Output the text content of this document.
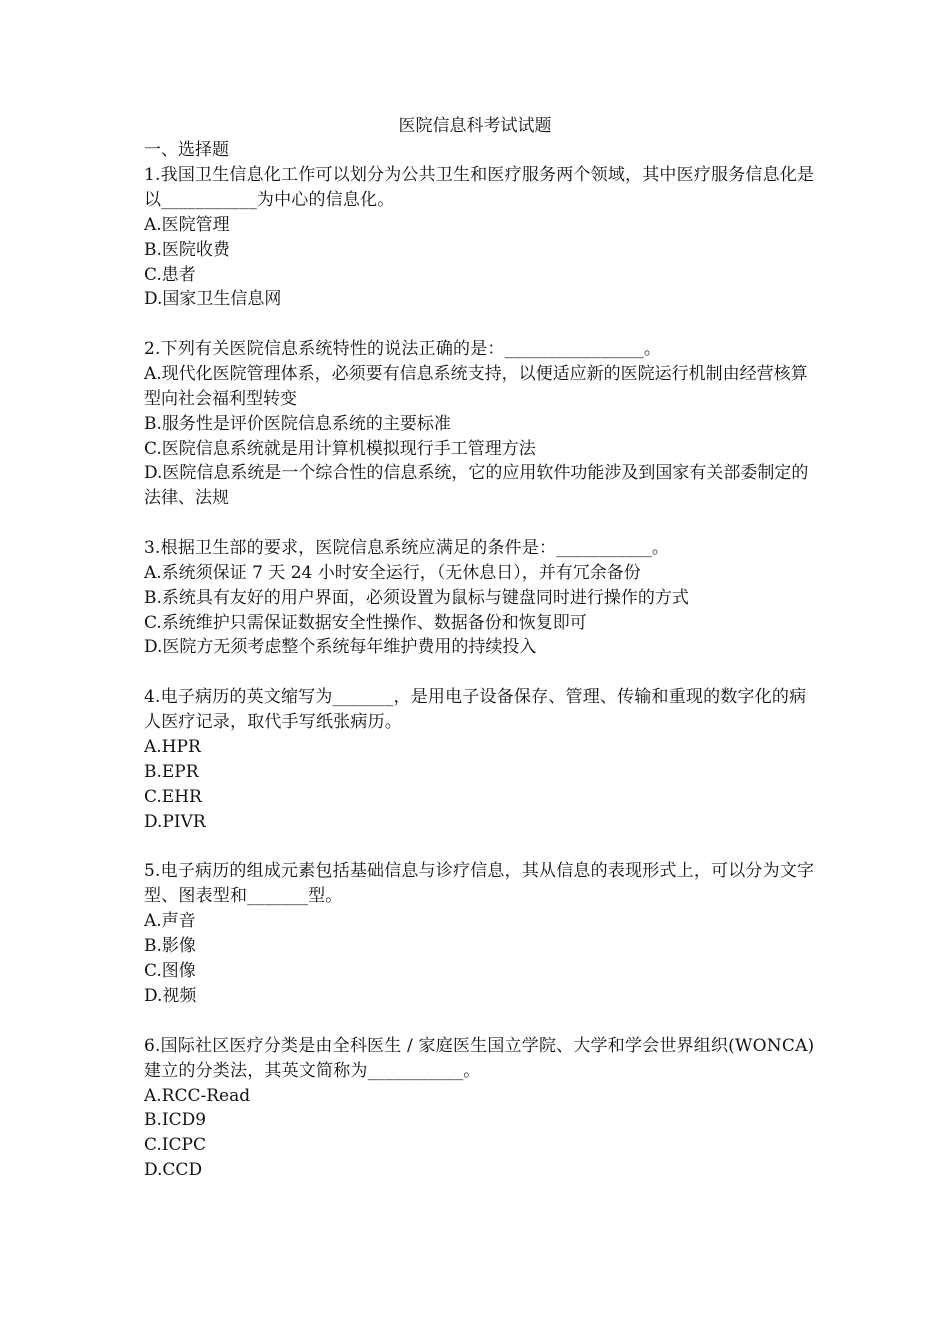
医院信息科考试试题
一、选择题
1.我国卫生信息化工作可以划分为公共卫生和医疗服务两个领域，其中医疗服务信息化是以___________为中心的信息化。
A.医院管理
B.医院收费
C.患者
D.国家卫生信息网
2.下列有关医院信息系统特性的说法正确的是：________________。
A.现代化医院管理体系，必须要有信息系统支持，以便适应新的医院运行机制由经营核算型向社会福利型转变
B.服务性是评价医院信息系统的主要标准
C.医院信息系统就是用计算机模拟现行手工管理方法
D.医院信息系统是一个综合性的信息系统，它的应用软件功能涉及到国家有关部委制定的法律、法规
3.根据卫生部的要求，医院信息系统应满足的条件是：___________。
A.系统须保证 7 天 24 小时安全运行，（无休息日），并有冗余备份
B.系统具有友好的用户界面，必须设置为鼠标与键盘同时进行操作的方式
C.系统维护只需保证数据安全性操作、数据备份和恢复即可
D.医院方无须考虑整个系统每年维护费用的持续投入
4.电子病历的英文缩写为_______，是用电子设备保存、管理、传输和重现的数字化的病人医疗记录，取代手写纸张病历。
A.HPR
B.EPR
C.EHR
D.PIVR
5.电子病历的组成元素包括基础信息与诊疗信息，其从信息的表现形式上，可以分为文字型、图表型和_______型。
A.声音
B.影像
C.图像
D.视频
6.国际社区医疗分类是由全科医生 / 家庭医生国立学院、大学和学会世界组织(WONCA)建立的分类法，其英文简称为___________。
A.RCC-Read
B.ICD9
C.ICPC
D.CCD
